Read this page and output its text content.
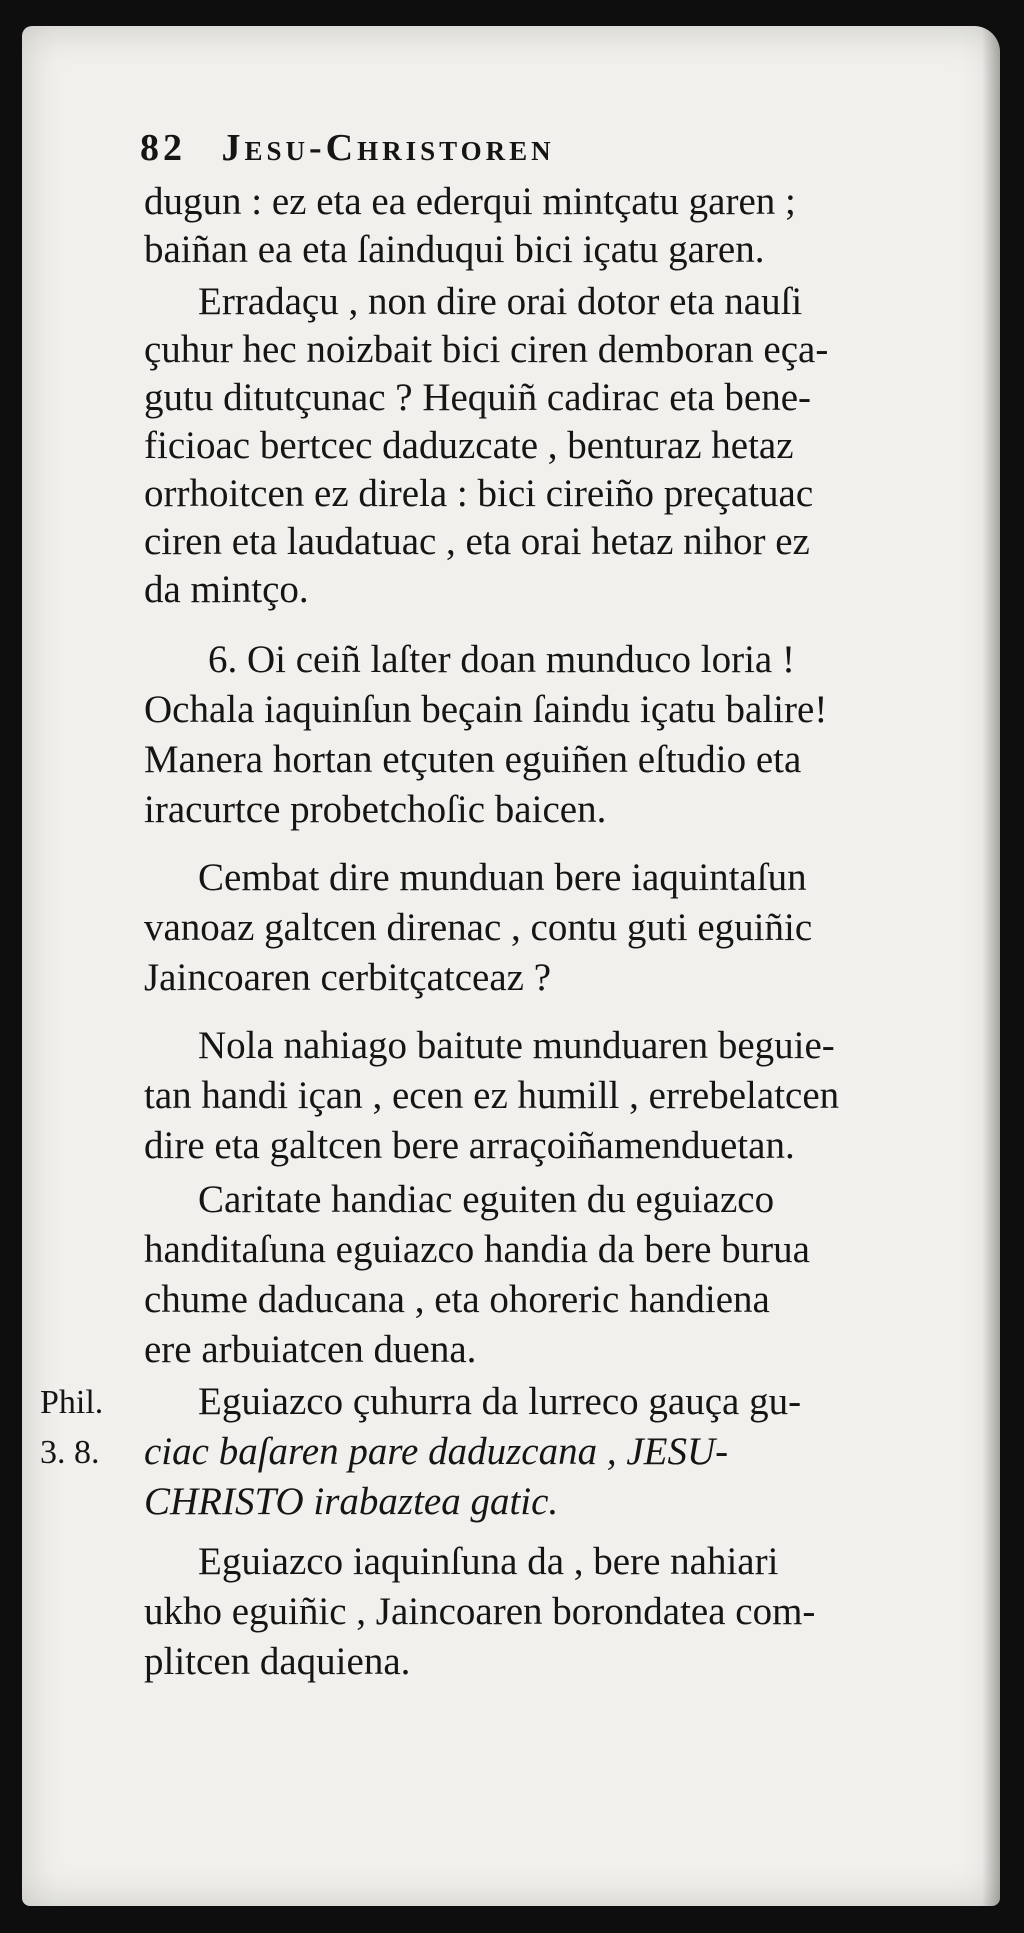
82 Jesu-Christoren
dugun : ez eta ea ederqui mintçatu garen ;
baiñan ea eta ſainduqui bici içatu garen.
Erradaçu , non dire orai dotor eta nauſi
çuhur hec noizbait bici ciren demboran eça-
gutu ditutçunac ? Hequiñ cadirac eta bene-
ficioac bertcec daduzcate , benturaz hetaz
orrhoitcen ez direla : bici cireiño preçatuac
ciren eta laudatuac , eta orai hetaz nihor ez
da mintço.
6. Oi ceiñ laſter doan munduco loria !
Ochala iaquinſun beçain ſaindu içatu balire!
Manera hortan etçuten eguiñen eſtudio eta
iracurtce probetchoſic baicen.
Cembat dire munduan bere iaquintaſun
vanoaz galtcen direnac , contu guti eguiñic
Jaincoaren cerbitçatceaz ?
Nola nahiago baitute munduaren beguie-
tan handi içan , ecen ez humill , errebelatcen
dire eta galtcen bere arraçoiñamenduetan.
Caritate handiac eguiten du eguiazco
handitaſuna eguiazco handia da bere burua
chume daducana , eta ohoreric handiena
ere arbuiatcen duena.
Phil.
3. 8.
Eguiazco çuhurra da lurreco gauça gu-
ciac baſaren pare daduzcana , JESU-
CHRISTO irabaztea gatic.
Eguiazco iaquinſuna da , bere nahiari
ukho eguiñic , Jaincoaren borondatea com-
plitcen daquiena.
